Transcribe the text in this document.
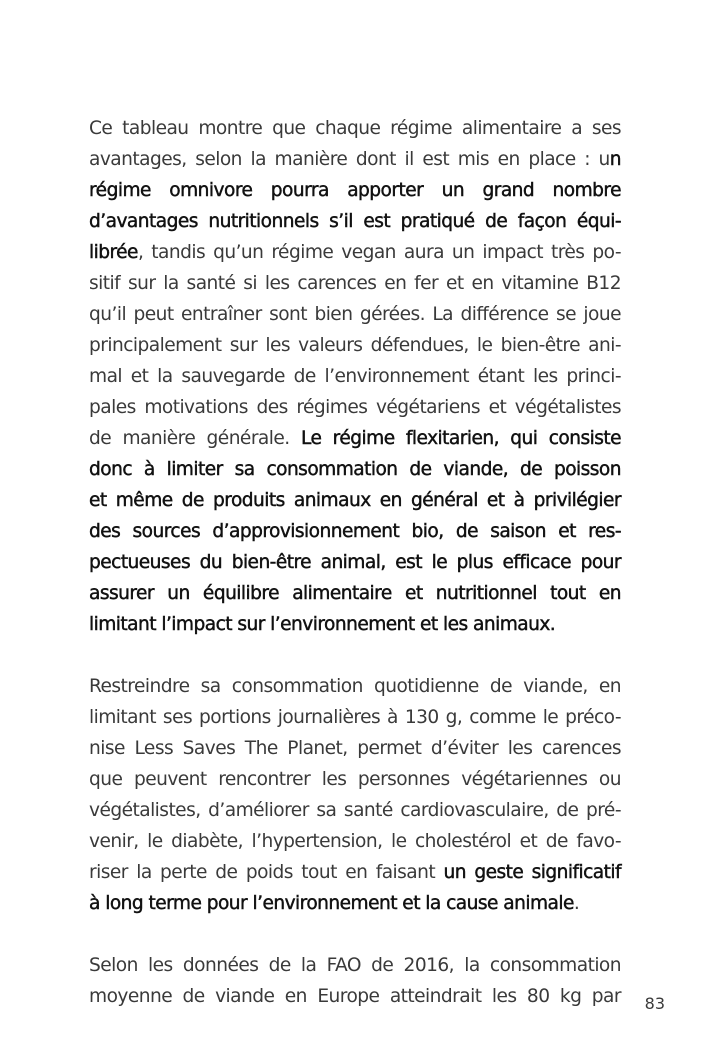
Ce tableau montre que chaque régime alimentaire a ses
avantages, selon la manière dont il est mis en place : un
régime omnivore pourra apporter un grand nombre
d’avantages nutritionnels s’il est pratiqué de façon équi-
librée, tandis qu’un régime vegan aura un impact très po-
sitif sur la santé si les carences en fer et en vitamine B12
qu’il peut entraîner sont bien gérées. La différence se joue
principalement sur les valeurs défendues, le bien-être ani-
mal et la sauvegarde de l’environnement étant les princi-
pales motivations des régimes végétariens et végétalistes
de manière générale. Le régime flexitarien, qui consiste
donc à limiter sa consommation de viande, de poisson
et même de produits animaux en général et à privilégier
des sources d’approvisionnement bio, de saison et res-
pectueuses du bien-être animal, est le plus efficace pour
assurer un équilibre alimentaire et nutritionnel tout en
limitant l’impact sur l’environnement et les animaux.
Restreindre sa consommation quotidienne de viande, en
limitant ses portions journalières à 130 g, comme le préco-
nise Less Saves The Planet, permet d’éviter les carences
que peuvent rencontrer les personnes végétariennes ou
végétalistes, d’améliorer sa santé cardiovasculaire, de pré-
venir, le diabète, l’hypertension, le cholestérol et de favo-
riser la perte de poids tout en faisant un geste significatif
à long terme pour l’environnement et la cause animale.
Selon les données de la FAO de 2016, la consommation
moyenne de viande en Europe atteindrait les 80 kg par 83
